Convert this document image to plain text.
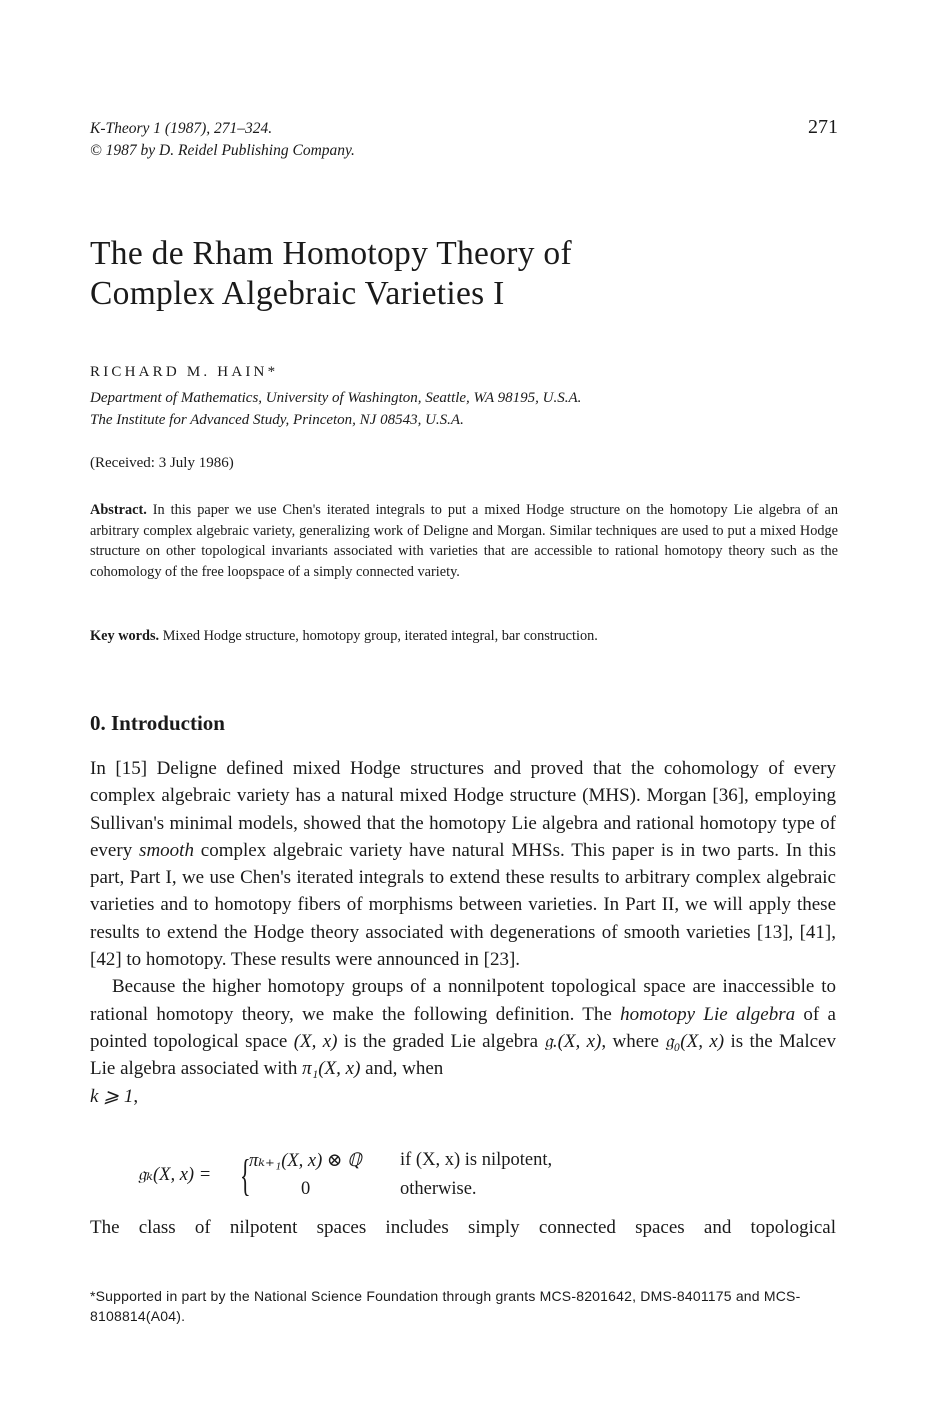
K-Theory 1 (1987), 271–324.
© 1987 by D. Reidel Publishing Company.
271
The de Rham Homotopy Theory of
Complex Algebraic Varieties I
RICHARD M. HAIN*
Department of Mathematics, University of Washington, Seattle, WA 98195, U.S.A.
The Institute for Advanced Study, Princeton, NJ 08543, U.S.A.
(Received: 3 July 1986)
Abstract. In this paper we use Chen's iterated integrals to put a mixed Hodge structure on the homotopy Lie algebra of an arbitrary complex algebraic variety, generalizing work of Deligne and Morgan. Similar techniques are used to put a mixed Hodge structure on other topological invariants associated with varieties that are accessible to rational homotopy theory such as the cohomology of the free loopspace of a simply connected variety.
Key words. Mixed Hodge structure, homotopy group, iterated integral, bar construction.
0. Introduction

In [15] Deligne defined mixed Hodge structures and proved that the cohomology of every complex algebraic variety has a natural mixed Hodge structure (MHS). Morgan [36], employing Sullivan's minimal models, showed that the homotopy Lie algebra and rational homotopy type of every smooth complex algebraic variety have natural MHSs. This paper is in two parts. In this part, Part I, we use Chen's iterated integrals to extend these results to arbitrary complex algebraic varieties and to homotopy fibers of morphisms between varieties. In Part II, we will apply these results to extend the Hodge theory associated with degenerations of smooth varieties [13], [41], [42] to homotopy. These results were announced in [23].

Because the higher homotopy groups of a nonnilpotent topological space are inaccessible to rational homotopy theory, we make the following definition. The homotopy Lie algebra of a pointed topological space (X, x) is the graded Lie algebra 𝔤.(X, x), where 𝔤₀(X, x) is the Malcev Lie algebra associated with π₁(X, x) and, when
k ⩾ 1,

𝔤ₖ(X, x) = {
πₖ₊₁(X, x) ⊗ ℚ if (X, x) is nilpotent,
0	otherwise.
The class of nilpotent spaces includes simply connected spaces and topological
*Supported in part by the National Science Foundation through grants MCS-8201642, DMS-8401175 and MCS-8108814(A04).
